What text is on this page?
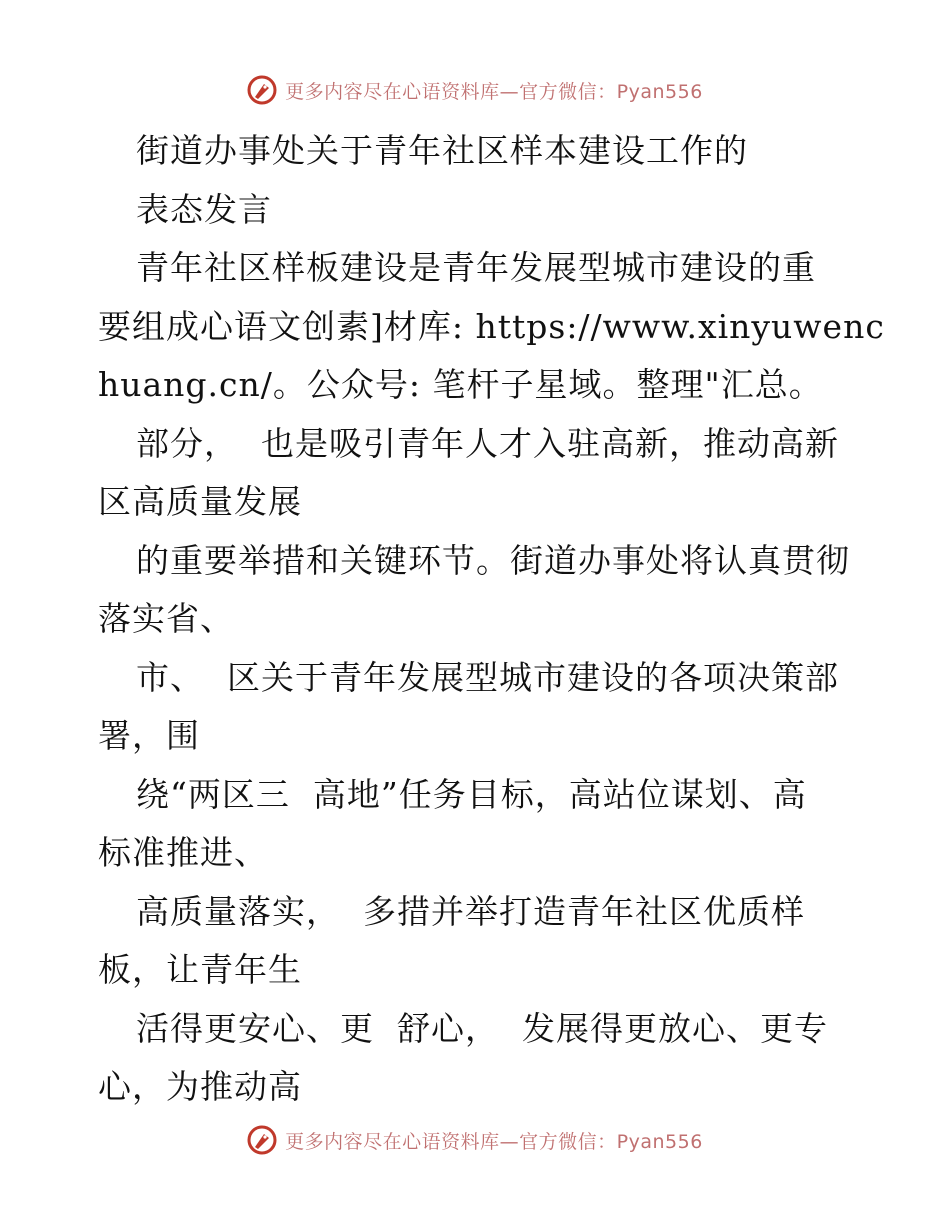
更多内容尽在心语资料库—官方微信：Pyan556
街道办事处关于青年社区样本建设工作的
表态发言
青年社区样板建设是青年发展型城市建设的重
要组成心语文创素]材库: https://www.xinyuwenc
huang.cn/。公众号: 笔杆子星域。整理"汇总。
部分，  也是吸引青年人才入驻高新，推动高新
区高质量发展
的重要举措和关键环节。街道办事处将认真贯彻
落实省、
市、  区关于青年发展型城市建设的各项决策部
署，围
绕“两区三  高地”任务目标，高站位谋划、高
标准推进、
高质量落实，  多措并举打造青年社区优质样
板，让青年生
活得更安心、更  舒心，  发展得更放心、更专
心，为推动高
更多内容尽在心语资料库—官方微信：Pyan556
